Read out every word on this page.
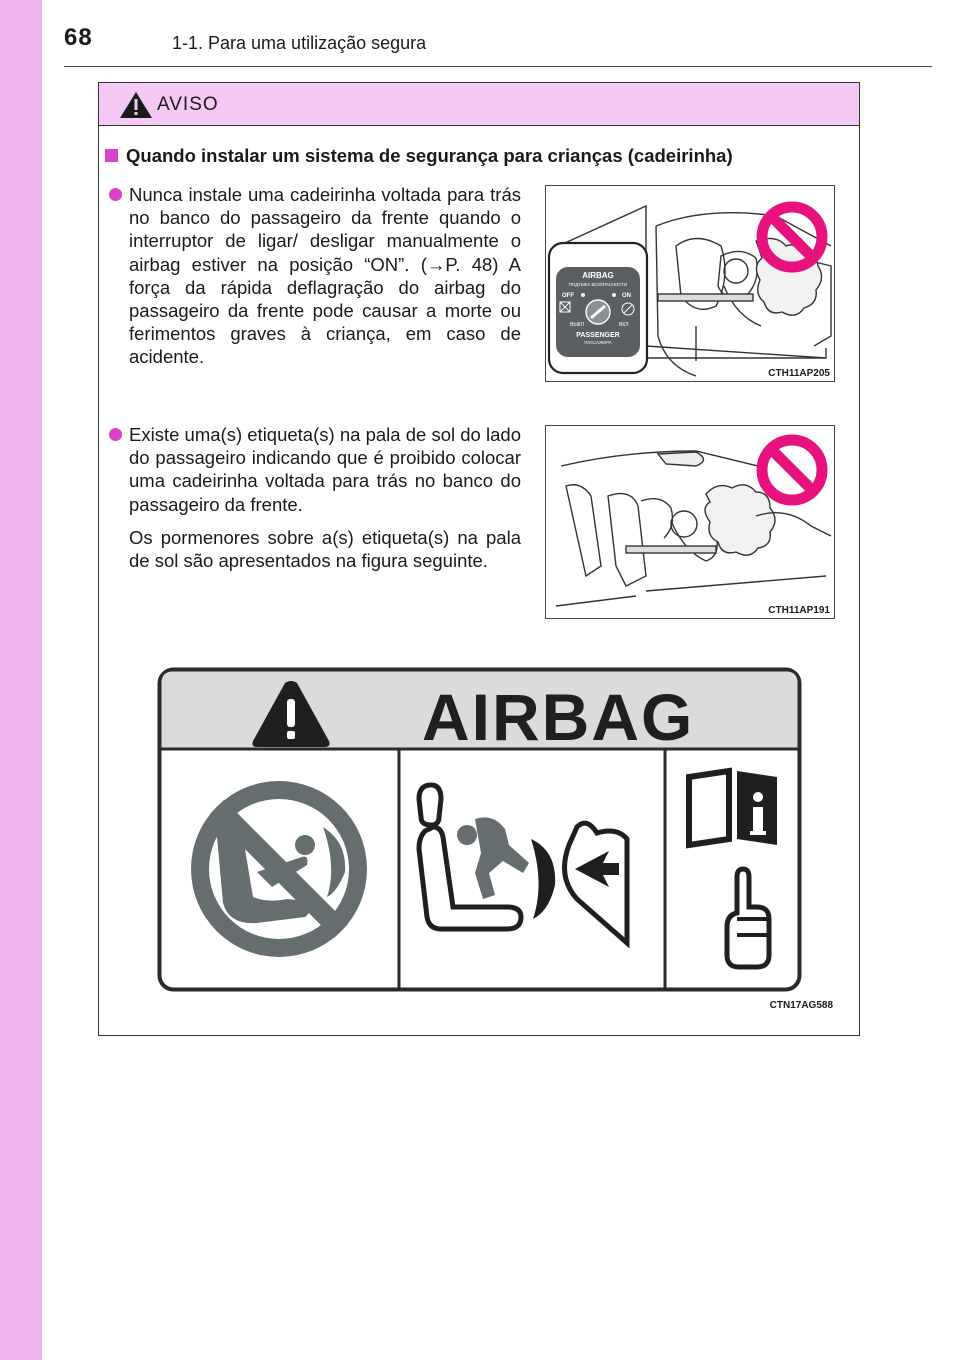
68	1-1. Para uma utilização segura
AVISO
Quando instalar um sistema de segurança para crianças (cadeirinha)

Nunca instale uma cadeirinha voltada para trás no banco do passageiro da frente quando o interruptor de ligar/ desligar manualmente o airbag estiver na posição “ON”. (→P. 48) A força da rápida deflagração do airbag do passageiro da frente pode causar a morte ou ferimentos graves à criança, em caso de acidente.

Existe uma(s) etiqueta(s) na pala de sol do lado do passageiro indicando que é proibido colocar uma cadeirinha voltada para trás no banco do passageiro da frente.

Os pormenores sobre a(s) etiqueta(s) na pala de sol são apresentados na figura seguinte.

AIRBAG
ПОДУШКА БЕЗОПАСНОСТИ
OFF	ON
ВЫКЛ	ВКЛ
PASSENGER
ПАССАЖИРА
CTH11AP205
CTH11AP191
AIRBAG
CTN17AG588
